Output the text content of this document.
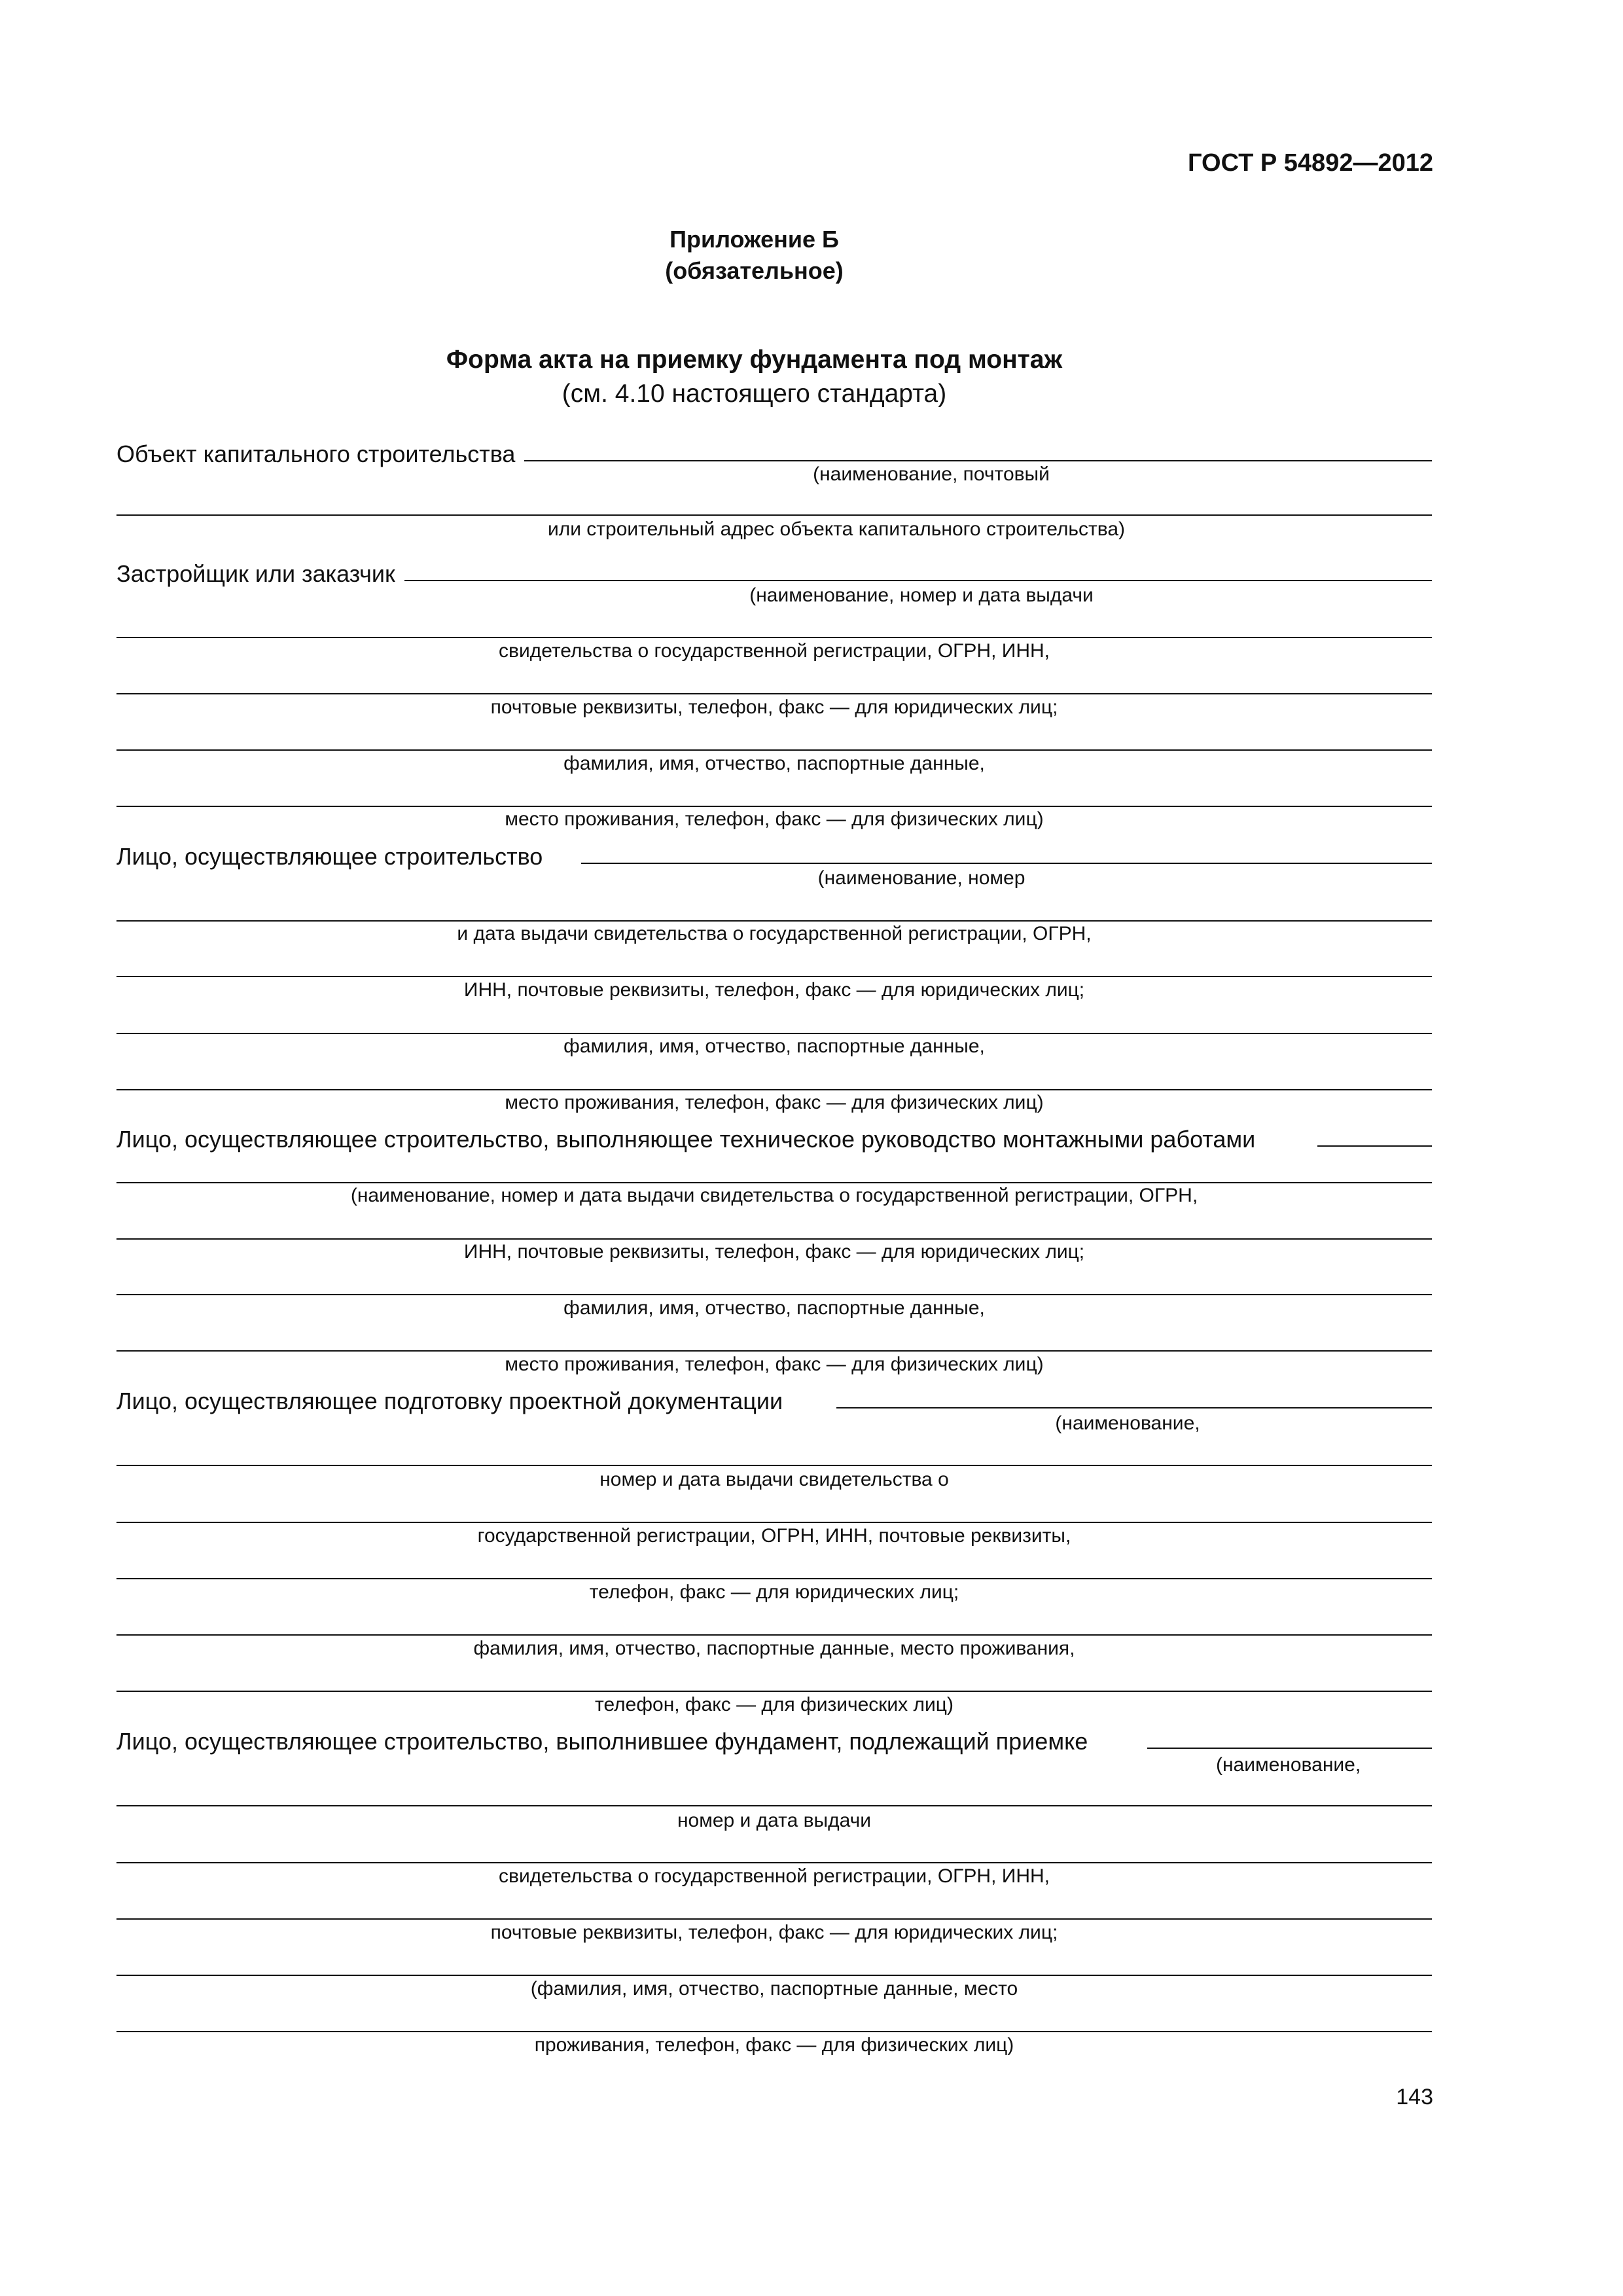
ГОСТ Р 54892—2012
Приложение Б
(обязательное)
Форма акта на приемку фундамента под монтаж
(см. 4.10 настоящего стандарта)
Объект капитального строительства
(наименование, почтовый
или строительный адрес объекта капитального строительства)
Застройщик или заказчик
(наименование, номер и дата выдачи
свидетельства о государственной регистрации, ОГРН, ИНН,
почтовые реквизиты, телефон, факс — для юридических лиц;
фамилия, имя, отчество, паспортные данные,
место проживания, телефон, факс — для физических лиц)
Лицо, осуществляющее строительство
(наименование, номер
и дата выдачи свидетельства о государственной регистрации, ОГРН,
ИНН, почтовые реквизиты, телефон, факс — для юридических лиц;
фамилия, имя, отчество, паспортные данные,
место проживания, телефон, факс — для физических лиц)
Лицо, осуществляющее строительство, выполняющее техническое руководство монтажными работами
(наименование, номер и дата выдачи свидетельства о государственной регистрации, ОГРН,
ИНН, почтовые реквизиты, телефон, факс — для юридических лиц;
фамилия, имя, отчество, паспортные данные,
место проживания, телефон, факс — для физических лиц)
Лицо, осуществляющее подготовку проектной документации
(наименование,
номер и дата выдачи свидетельства о
государственной регистрации, ОГРН, ИНН, почтовые реквизиты,
телефон, факс — для юридических лиц;
фамилия, имя, отчество, паспортные данные, место проживания,
телефон, факс — для физических лиц)
Лицо, осуществляющее строительство, выполнившее фундамент, подлежащий приемке
(наименование,
номер и дата выдачи
свидетельства о государственной регистрации, ОГРН, ИНН,
почтовые реквизиты, телефон, факс — для юридических лиц;
(фамилия, имя, отчество, паспортные данные, место
проживания, телефон, факс — для физических лиц)
143
